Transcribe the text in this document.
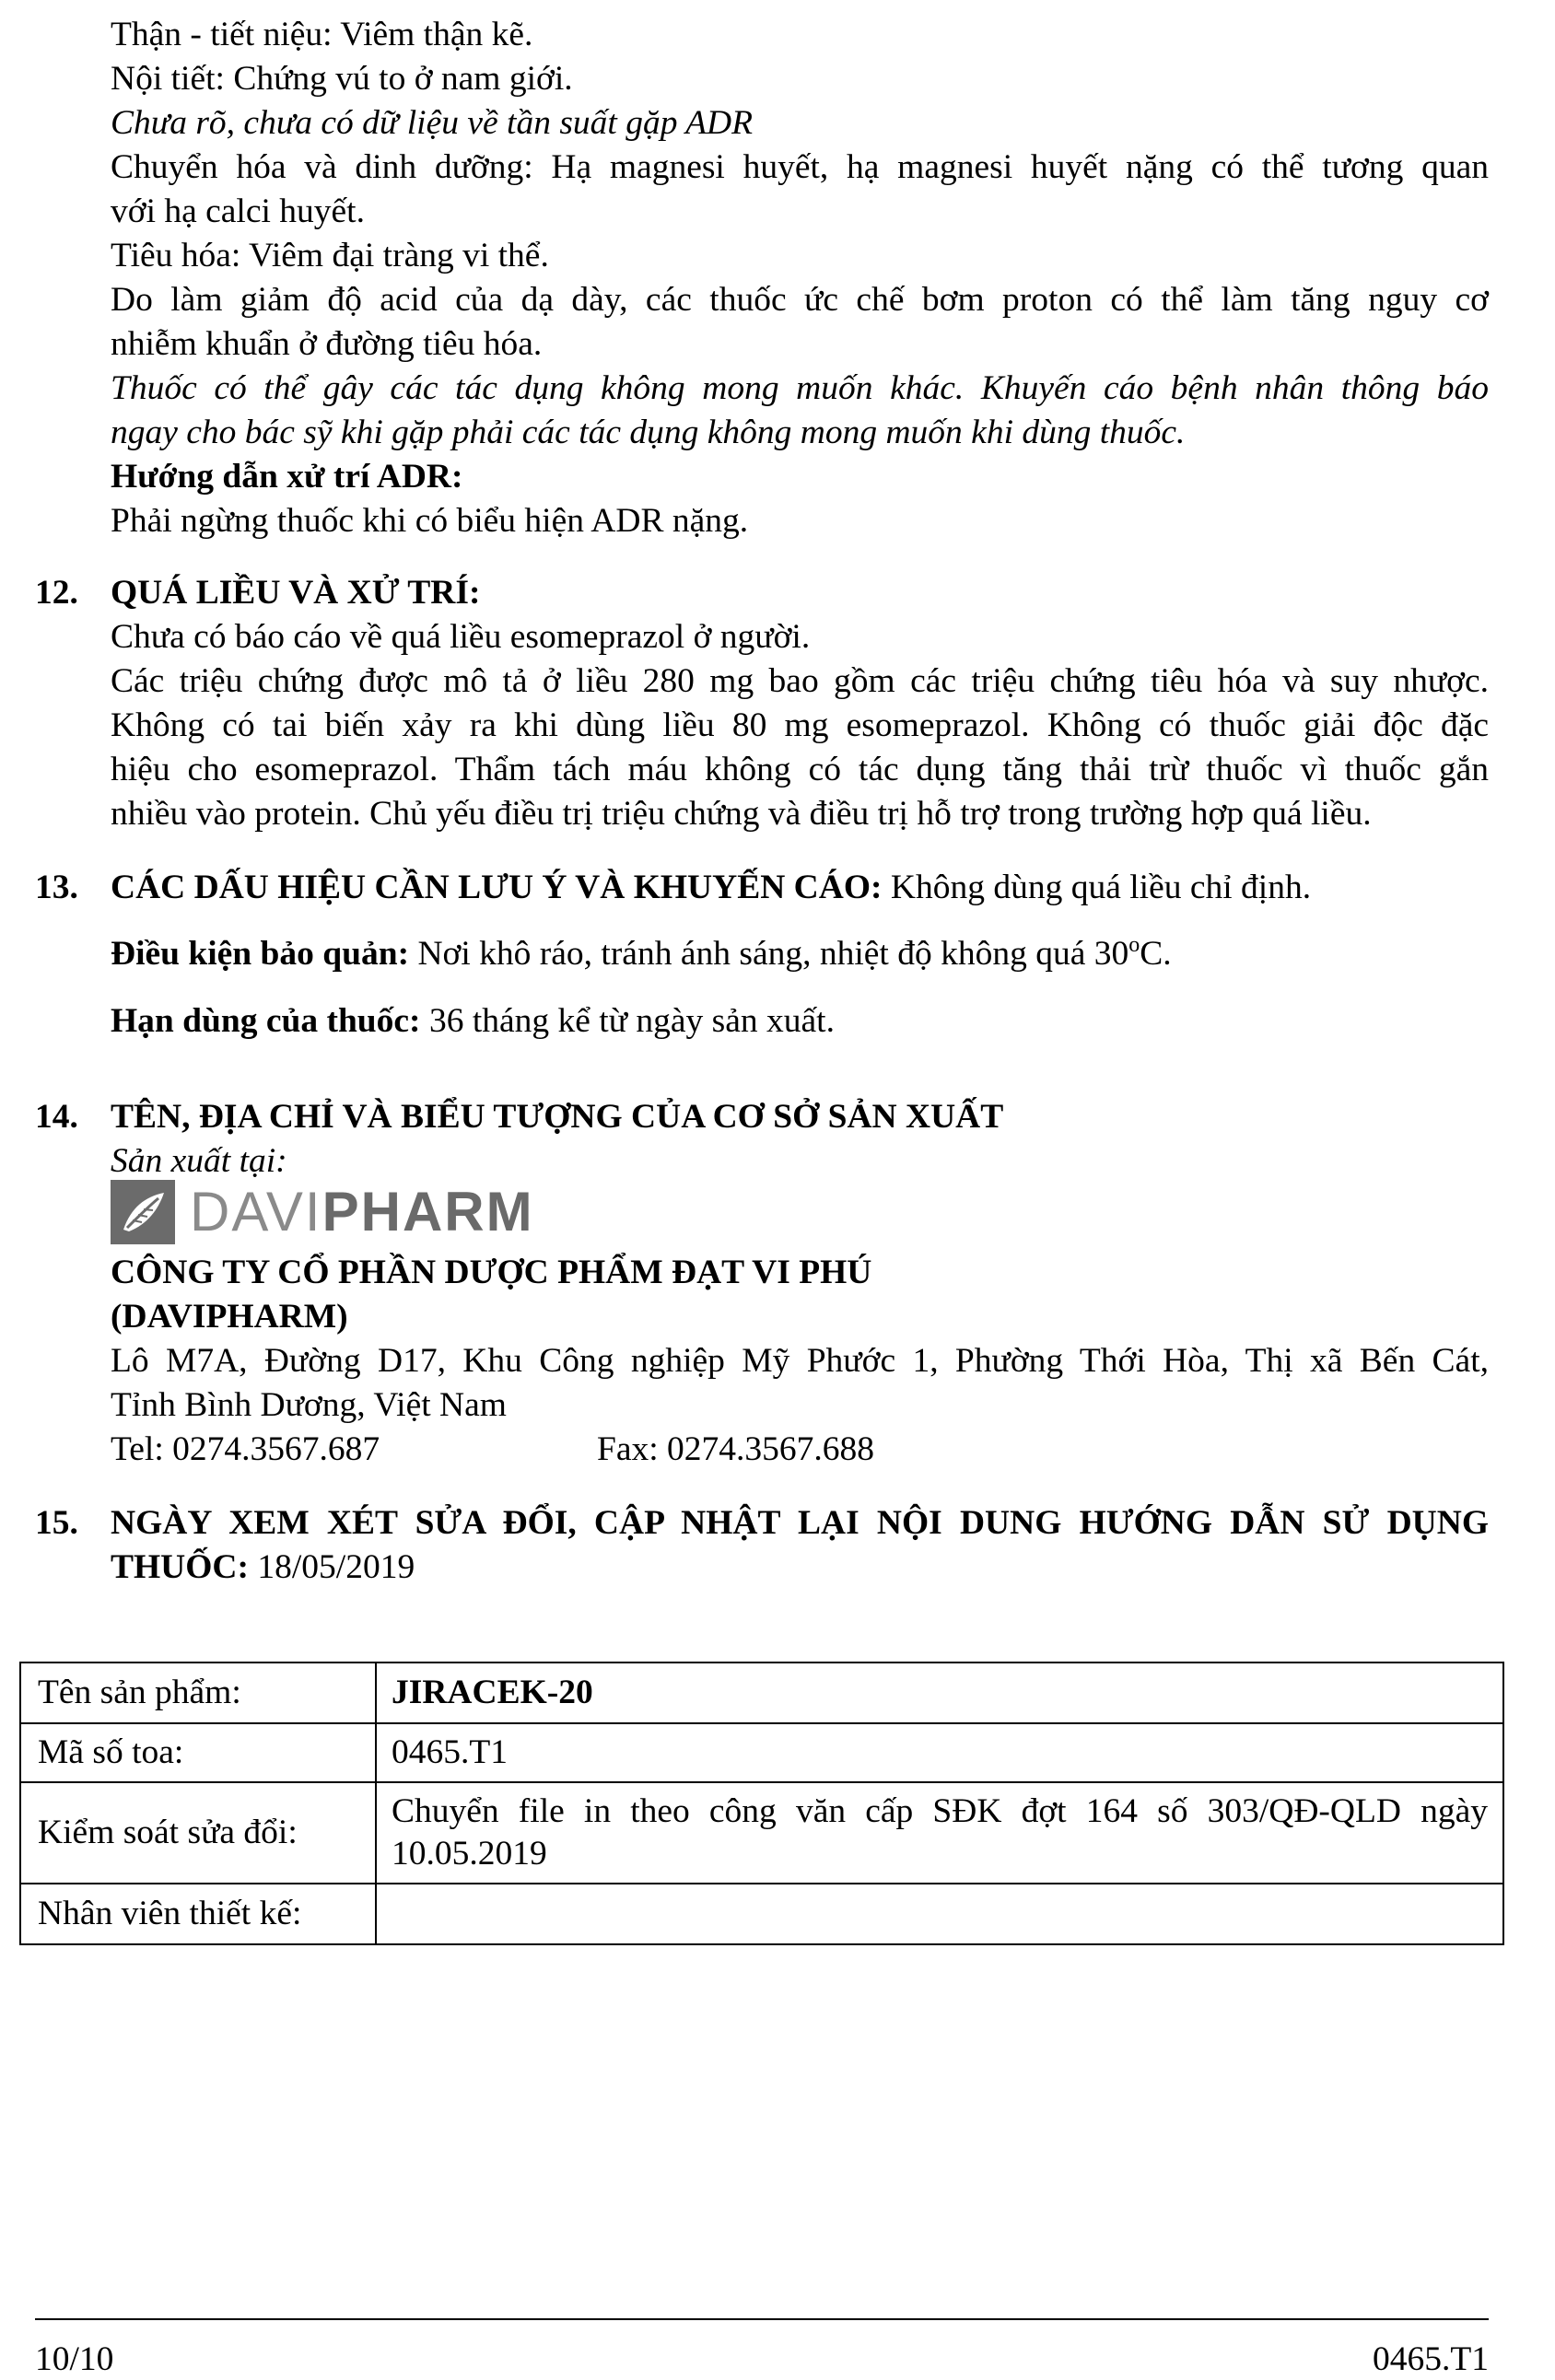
Thận - tiết niệu: Viêm thận kẽ.
Nội tiết: Chứng vú to ở nam giới.
Chưa rõ, chưa có dữ liệu về tần suất gặp ADR
Chuyển hóa và dinh dưỡng: Hạ magnesi huyết, hạ magnesi huyết nặng có thể tương quan
với hạ calci huyết.
Tiêu hóa: Viêm đại tràng vi thể.
Do làm giảm độ acid của dạ dày, các thuốc ức chế bơm proton có thể làm tăng nguy cơ
nhiễm khuẩn ở đường tiêu hóa.
Thuốc có thể gây các tác dụng không mong muốn khác. Khuyến cáo bệnh nhân thông báo
ngay cho bác sỹ khi gặp phải các tác dụng không mong muốn khi dùng thuốc.
Hướng dẫn xử trí ADR:
Phải ngừng thuốc khi có biểu hiện ADR nặng.
12. QUÁ LIỀU VÀ XỬ TRÍ:
Chưa có báo cáo về quá liều esomeprazol ở người.
Các triệu chứng được mô tả ở liều 280 mg bao gồm các triệu chứng tiêu hóa và suy nhược.
Không có tai biến xảy ra khi dùng liều 80 mg esomeprazol. Không có thuốc giải độc đặc
hiệu cho esomeprazol. Thẩm tách máu không có tác dụng tăng thải trừ thuốc vì thuốc gắn
nhiều vào protein. Chủ yếu điều trị triệu chứng và điều trị hỗ trợ trong trường hợp quá liều.
13. CÁC DẤU HIỆU CẦN LƯU Ý VÀ KHUYẾN CÁO: Không dùng quá liều chỉ định.
Điều kiện bảo quản: Nơi khô ráo, tránh ánh sáng, nhiệt độ không quá 30$^o$C.
Hạn dùng của thuốc: 36 tháng kể từ ngày sản xuất.
14. TÊN, ĐỊA CHỈ VÀ BIỂU TƯỢNG CỦA CƠ SỞ SẢN XUẤT
Sản xuất tại:
DAVIPHARM
CÔNG TY CỔ PHẦN DƯỢC PHẨM ĐẠT VI PHÚ
(DAVIPHARM)
Lô M7A, Đường D17, Khu Công nghiệp Mỹ Phước 1, Phường Thới Hòa, Thị xã Bến Cát,
Tỉnh Bình Dương, Việt Nam
Tel: 0274.3567.687	Fax: 0274.3567.688
15. NGÀY XEM XÉT SỬA ĐỔI, CẬP NHẬT LẠI NỘI DUNG HƯỚNG DẪN SỬ DỤNG
THUỐC: 18/05/2019
Tên sản phẩm:	JIRACEK-20
Mã số toa:	0465.T1
Kiểm soát sửa đổi:	Chuyển file in theo công văn cấp SĐK đợt 164 số 303/QĐ-QLD ngày
10.05.2019

Nhân viên thiết kế:	
10/10	0465.T1
